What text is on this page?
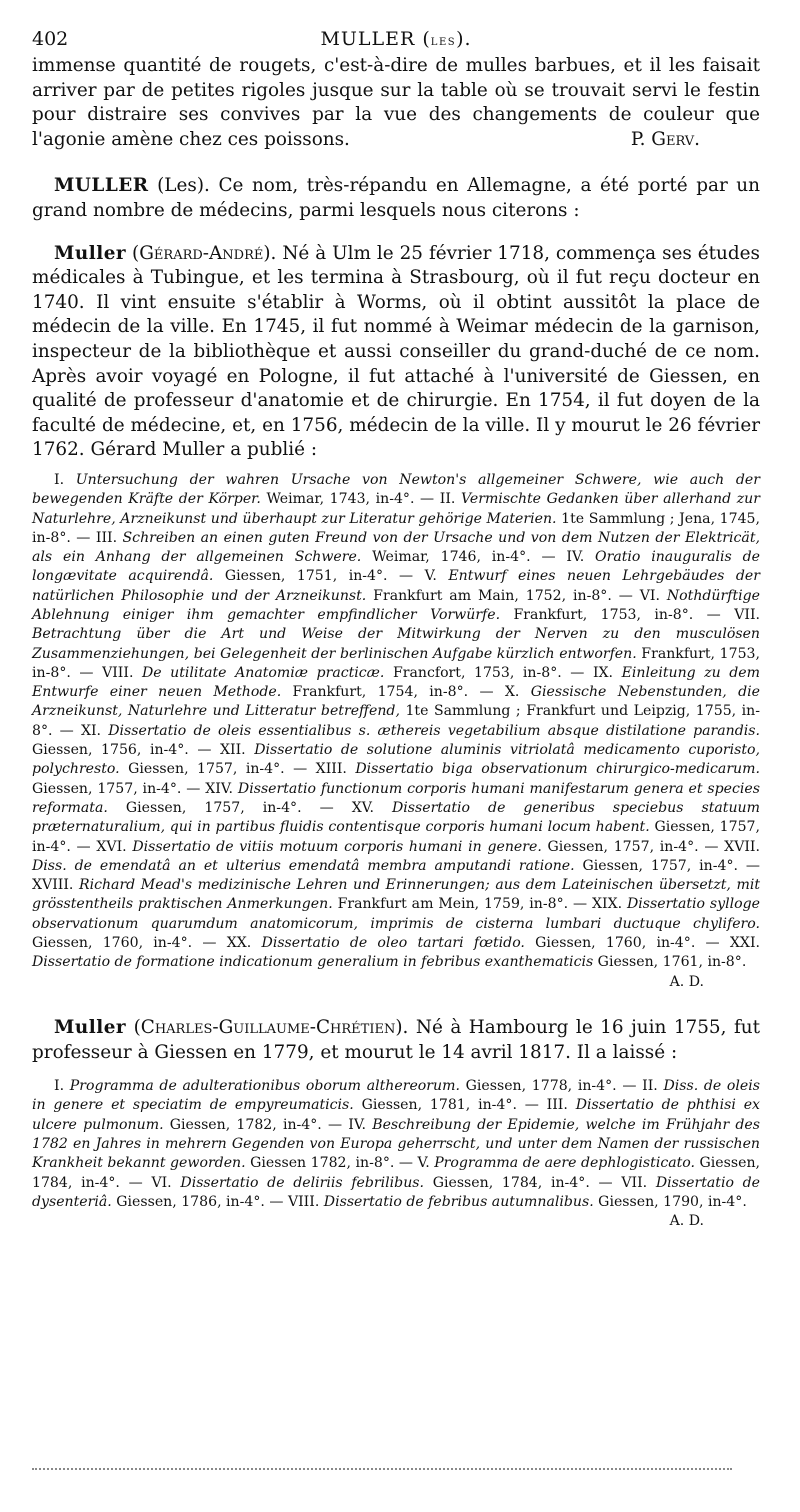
402	MULLER (les).

immense quantité de rougets, c'est-à-dire de mulles barbues, et il les faisait arriver par de petites rigoles jusque sur la table où se trouvait servi le festin pour distraire ses convives par la vue des changements de couleur que l'agonie amène chez ces poissons.	P. Gerv.

MULLER (Les). Ce nom, très-répandu en Allemagne, a été porté par un grand nombre de médecins, parmi lesquels nous citerons :

Muller (Gérard-André). Né à Ulm le 25 février 1718, commença ses études médicales à Tubingue, et les termina à Strasbourg, où il fut reçu docteur en 1740. Il vint ensuite s'établir à Worms, où il obtint aussitôt la place de médecin de la ville. En 1745, il fut nommé à Weimar médecin de la garnison, inspecteur de la bibliothèque et aussi conseiller du grand-duché de ce nom. Après avoir voyagé en Pologne, il fut attaché à l'université de Giessen, en qualité de professeur d'anatomie et de chirurgie. En 1754, il fut doyen de la faculté de médecine, et, en 1756, médecin de la ville. Il y mourut le 26 février 1762. Gérard Muller a publié :

I. Untersuchung der wahren Ursache von Newton's allgemeiner Schwere, wie auch der bewegenden Kräfte der Körper. Weimar, 1743, in-4°. — II. Vermischte Gedanken über allerhand zur Naturlehre, Arzneikunst und überhaupt zur Literatur gehörige Materien. 1te Sammlung ; Jena, 1745, in-8°. — III. Schreiben an einen guten Freund von der Ursache und von dem Nutzen der Elektricät, als ein Anhang der allgemeinen Schwere. Weimar, 1746, in-4°. — IV. Oratio inauguralis de longævitate acquirendâ. Giessen, 1751, in-4°. — V. Entwurf eines neuen Lehrgebäudes der natürlichen Philosophie und der Arzneikunst. Frankfurt am Main, 1752, in-8°. — VI. Nothdürftige Ablehnung einiger ihm gemachter empfindlicher Vorwürfe. Frankfurt, 1753, in-8°. — VII. Betrachtung über die Art und Weise der Mitwirkung der Nerven zu den musculösen Zusammenziehungen, bei Gelegenheit der berlinischen Aufgabe kürzlich entworfen. Frankfurt, 1753, in-8°. — VIII. De utilitate Anatomiæ practicæ. Francfort, 1753, in-8°. — IX. Einleitung zu dem Entwurfe einer neuen Methode. Frankfurt, 1754, in-8°. — X. Giessische Nebenstunden, die Arzneikunst, Naturlehre und Litteratur betreffend, 1te Sammlung ; Frankfurt und Leipzig, 1755, in-8°. — XI. Dissertatio de oleis essentialibus s. æthereis vegetabilium absque distilatione parandis. Giessen, 1756, in-4°. — XII. Dissertatio de solutione aluminis vitriolatâ medicamento cuporisto, polychresto. Giessen, 1757, in-4°. — XIII. Dissertatio biga observationum chirurgico-medicarum. Giessen, 1757, in-4°. — XIV. Dissertatio functionum corporis humani manifestarum genera et species reformata. Giessen, 1757, in-4°. — XV. Dissertatio de generibus speciebus statuum præternaturalium, qui in partibus fluidis contentisque corporis humani locum habent. Giessen, 1757, in-4°. — XVI. Dissertatio de vitiis motuum corporis humani in genere. Giessen, 1757, in-4°. — XVII. Diss. de emendatâ an et ulterius emendatâ membra amputandi ratione. Giessen, 1757, in-4°. — XVIII. Richard Mead's medizinische Lehren und Erinnerungen; aus dem Lateinischen übersetzt, mit grösstentheils praktischen Anmerkungen. Frankfurt am Mein, 1759, in-8°. — XIX. Dissertatio sylloge observationum quarumdum anatomicorum, imprimis de cisterna lumbari ductuque chylifero. Giessen, 1760, in-4°. — XX. Dissertatio de oleo tartari fœtido. Giessen, 1760, in-4°. — XXI. Dissertatio de formatione indicationum generalium in febribus exanthematicis Giessen, 1761, in-8°.

A. D.

Muller (Charles-Guillaume-Chrétien). Né à Hambourg le 16 juin 1755, fut professeur à Giessen en 1779, et mourut le 14 avril 1817. Il a laissé :

I. Programma de adulterationibus oborum althereorum. Giessen, 1778, in-4°. — II. Diss. de oleis in genere et speciatim de empyreumaticis. Giessen, 1781, in-4°. — III. Dissertatio de phthisi ex ulcere pulmonum. Giessen, 1782, in-4°. — IV. Beschreibung der Epidemie, welche im Frühjahr des 1782 en Jahres in mehrern Gegenden von Europa geherrscht, und unter dem Namen der russischen Krankheit bekannt geworden. Giessen 1782, in-8°. — V. Programma de aere dephlogisticato. Giessen, 1784, in-4°. — VI. Dissertatio de deliriis febrilibus. Giessen, 1784, in-4°. — VII. Dissertatio de dysenteriâ. Giessen, 1786, in-4°. — VIII. Dissertatio de febribus autumnalibus. Giessen, 1790, in-4°.

A. D.
